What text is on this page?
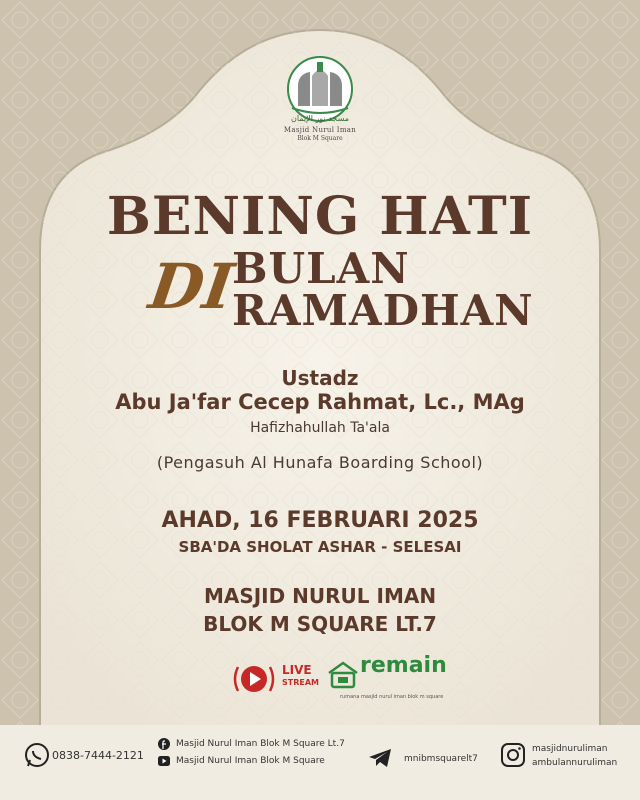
مسجد نور الإيمان
Masjid Nurul Iman
Blok M Square
BENING HATI
DI
BULAN
RAMADHAN
Ustadz
Abu Ja'far Cecep Rahmat, Lc., MAg
Hafizhahullah Ta'ala
(Pengasuh Al Hunafa Boarding School)
AHAD, 16 FEBRUARI 2025
SBA'DA SHOLAT ASHAR - SELESAI
MASJID NURUL IMAN
BLOK M SQUARE LT.7
LIVE
STREAM
remain
rumana masjid nurul iman blok m square
0838-7444-2121
Masjid Nurul Iman Blok M Square Lt.7
Masjid Nurul Iman Blok M Square	mnibmsquarelt7
masjidnuruliman
ambulannuruliman
